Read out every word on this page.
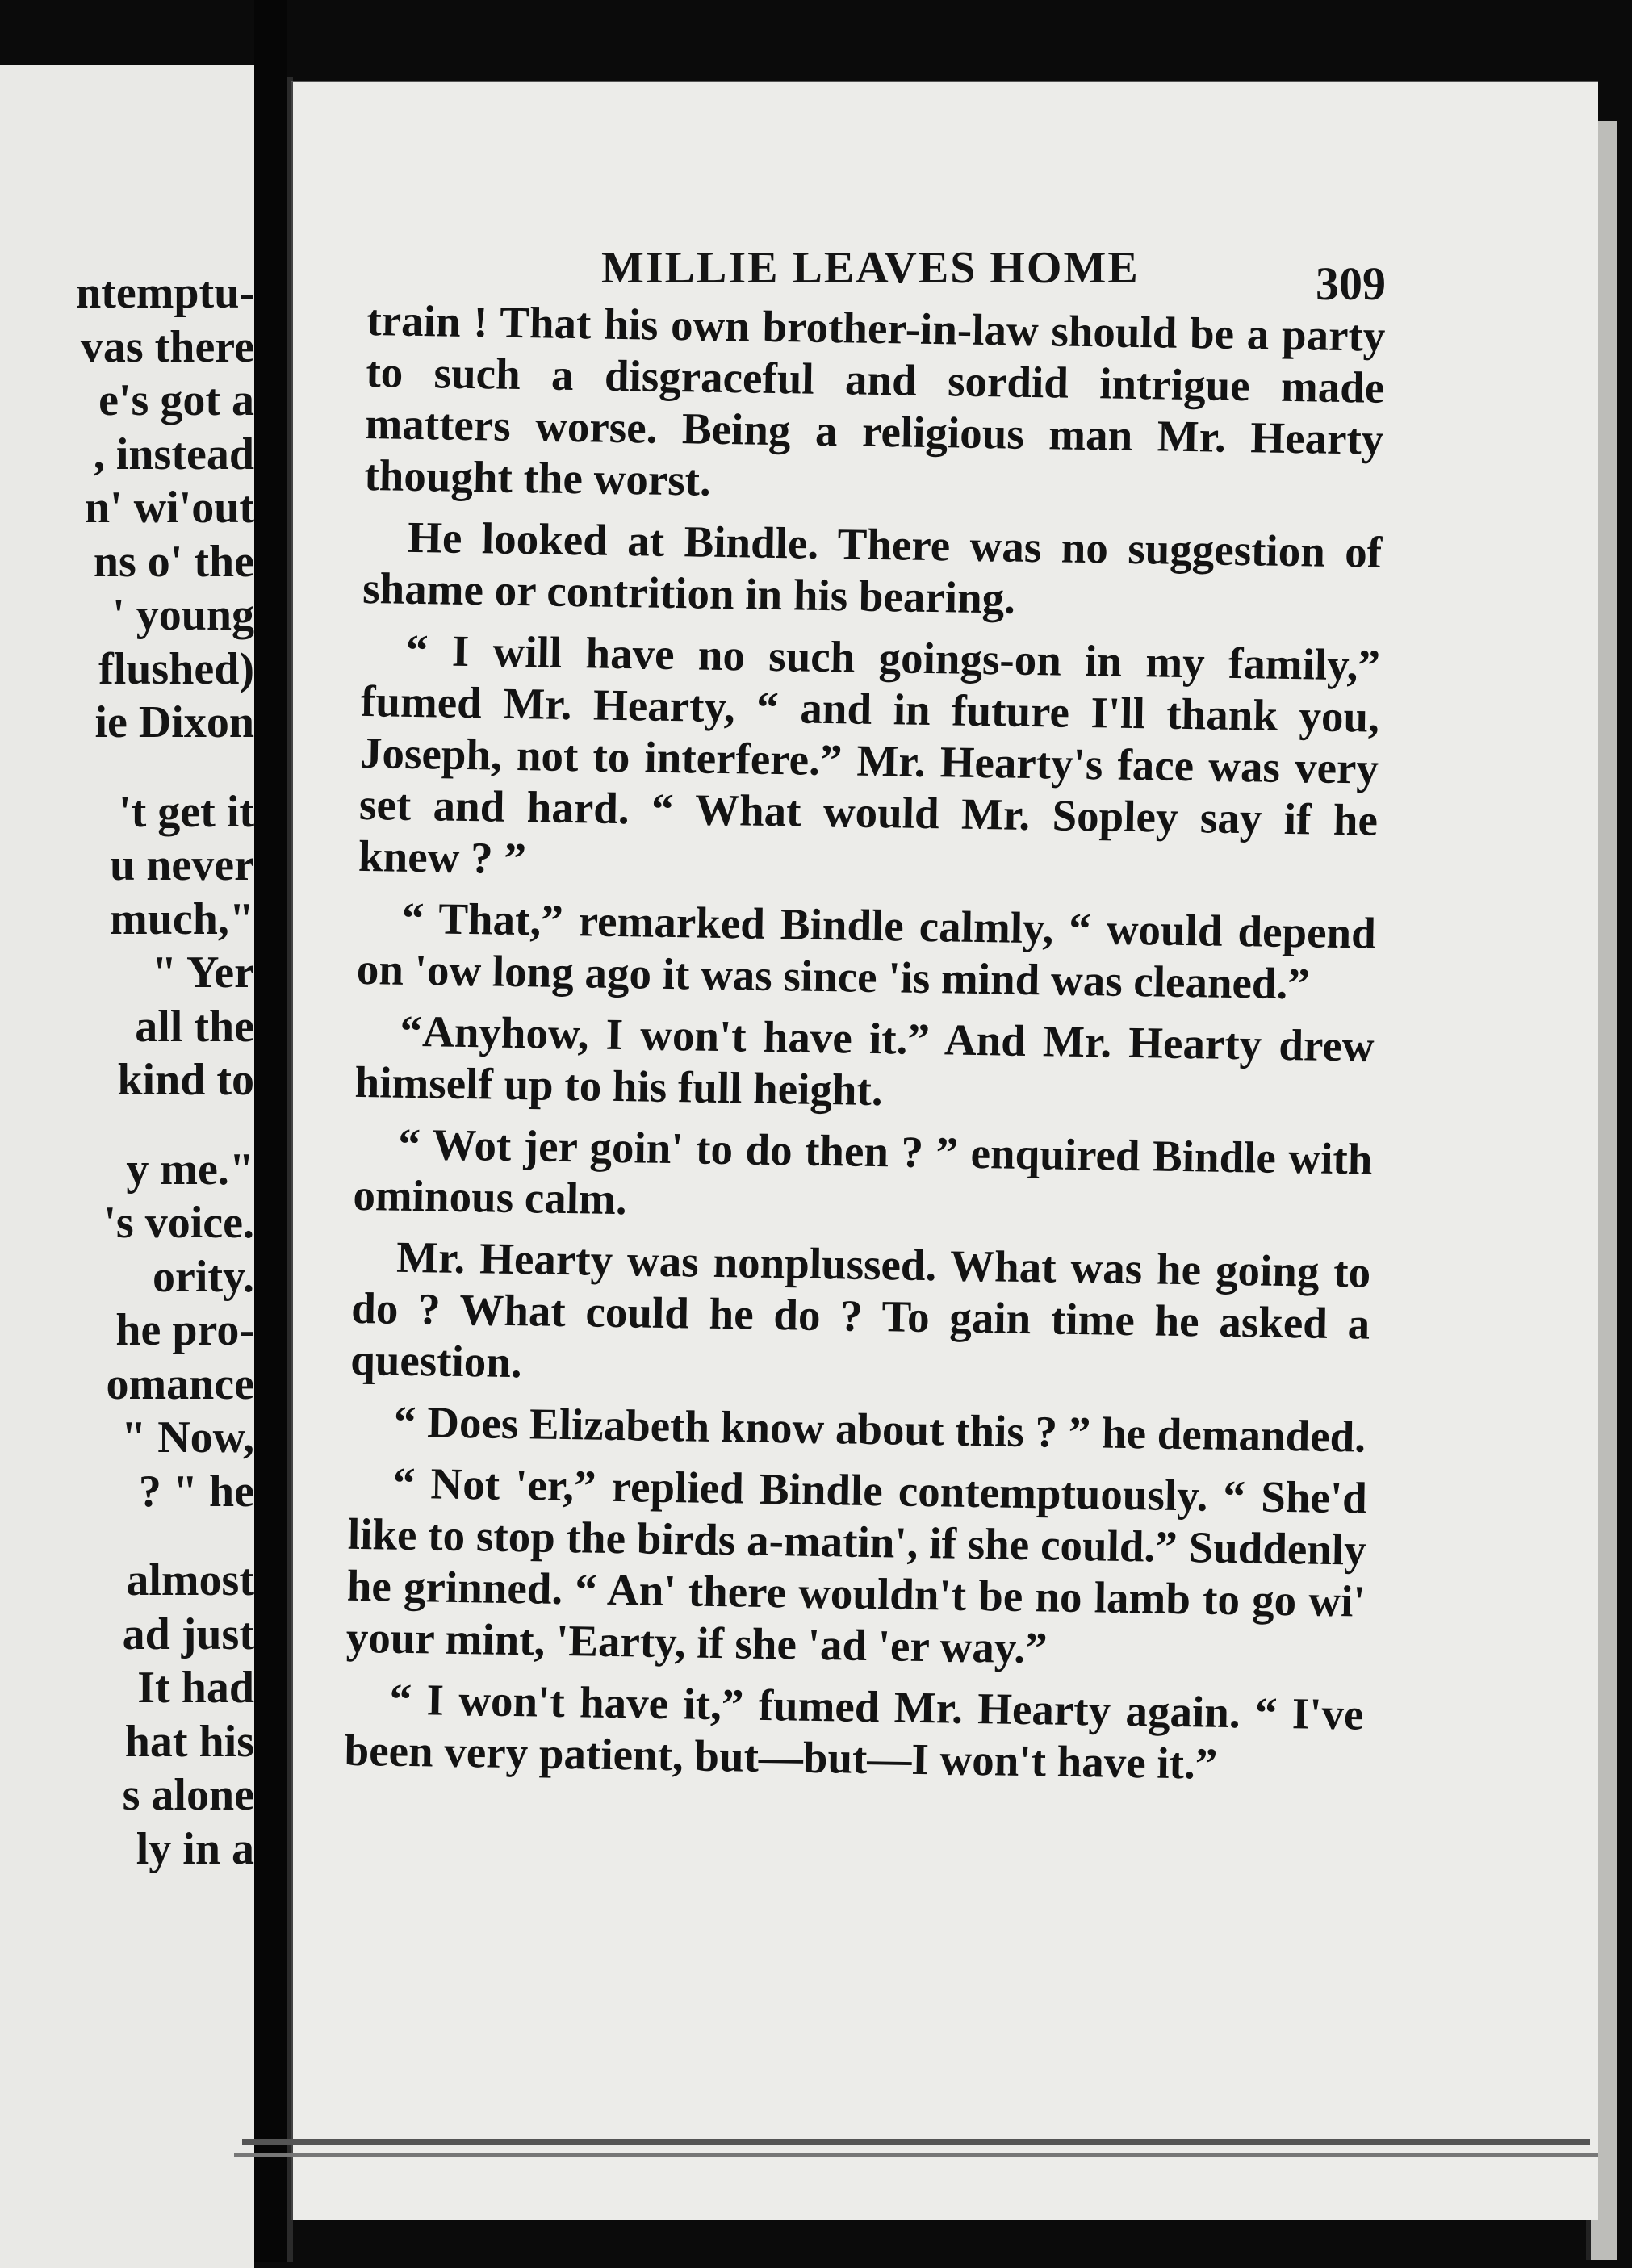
ntemptu-
vas there
e's got a
, instead
n' wi'out
ns o' the
' young
flushed)
ie Dixon

't get it
u never
much,"
" Yer
all the
kind to

y me."
's voice.
ority.
he pro-
omance
" Now,
? " he

almost
ad just
It had
hat his
s alone
ly in a
MILLIE LEAVES HOME	309

train ! That his own brother-in-law should be a party to such a disgraceful and sordid intrigue made matters worse. Being a religious man Mr. Hearty thought the worst.

He looked at Bindle. There was no suggestion of shame or contrition in his bearing.

“ I will have no such goings-on in my family,” fumed Mr. Hearty, “ and in future I'll thank you, Joseph, not to interfere.” Mr. Hearty's face was very set and hard. “ What would Mr. Sopley say if he knew ? ”

“ That,” remarked Bindle calmly, “ would depend on 'ow long ago it was since 'is mind was cleaned.”

“Anyhow, I won't have it.” And Mr. Hearty drew himself up to his full height.

“ Wot jer goin' to do then ? ” enquired Bindle with ominous calm.

Mr. Hearty was nonplussed. What was he going to do ? What could he do ? To gain time he asked a question.

“ Does Elizabeth know about this ? ” he demanded.

“ Not 'er,” replied Bindle contemptuously. “ She'd like to stop the birds a-matin', if she could.” Suddenly he grinned. “ An' there wouldn't be no lamb to go wi' your mint, 'Earty, if she 'ad 'er way.”

“ I won't have it,” fumed Mr. Hearty again. “ I've been very patient, but—but—I won't have it.”
